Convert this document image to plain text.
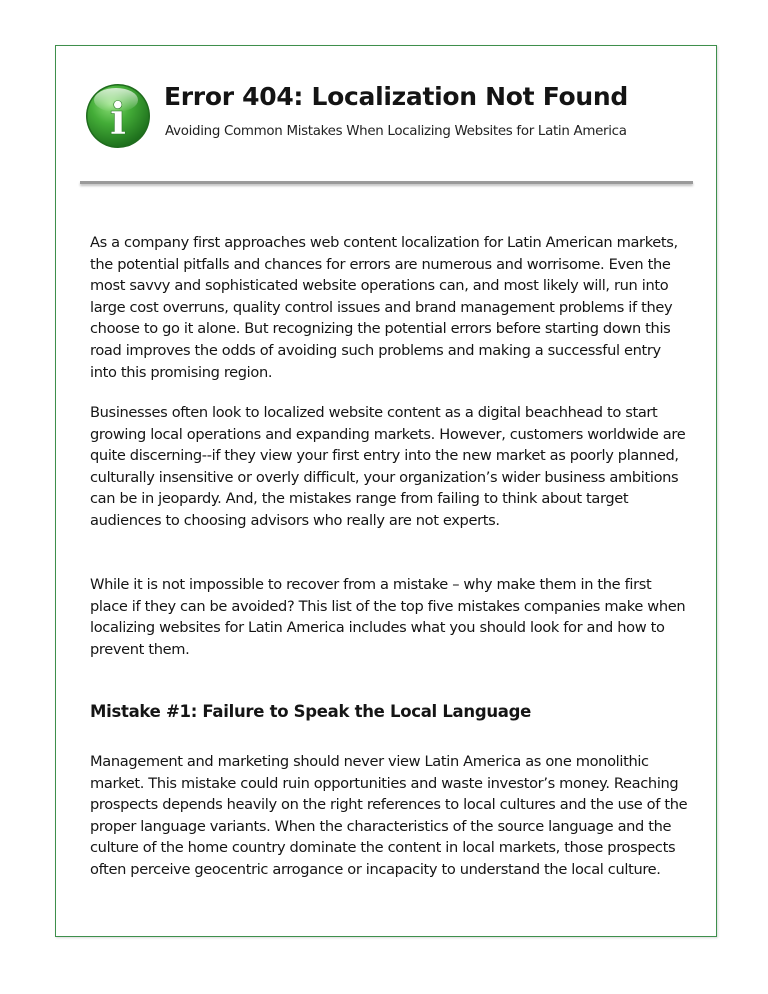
i Error 404: Localization Not Found

Avoiding Common Mistakes When Localizing Websites for Latin America

As a company first approaches web content localization for Latin American markets, the potential pitfalls and chances for errors are numerous and worrisome. Even the most savvy and sophisticated website operations can, and most likely will, run into large cost overruns, quality control issues and brand management problems if they choose to go it alone. But recognizing the potential errors before starting down this road improves the odds of avoiding such problems and making a successful entry into this promising region.

Businesses often look to localized website content as a digital beachhead to start growing local operations and expanding markets. However, customers worldwide are quite discerning--if they view your first entry into the new market as poorly planned, culturally insensitive or overly difficult, your organization’s wider business ambitions can be in jeopardy. And, the mistakes range from failing to think about target audiences to choosing advisors who really are not experts.

While it is not impossible to recover from a mistake – why make them in the first place if they can be avoided? This list of the top five mistakes companies make when localizing websites for Latin America includes what you should look for and how to prevent them.

Mistake #1: Failure to Speak the Local Language

Management and marketing should never view Latin America as one monolithic market. This mistake could ruin opportunities and waste investor’s money. Reaching prospects depends heavily on the right references to local cultures and the use of the proper language variants. When the characteristics of the source language and the culture of the home country dominate the content in local markets, those prospects often perceive geocentric arrogance or incapacity to understand the local culture.
